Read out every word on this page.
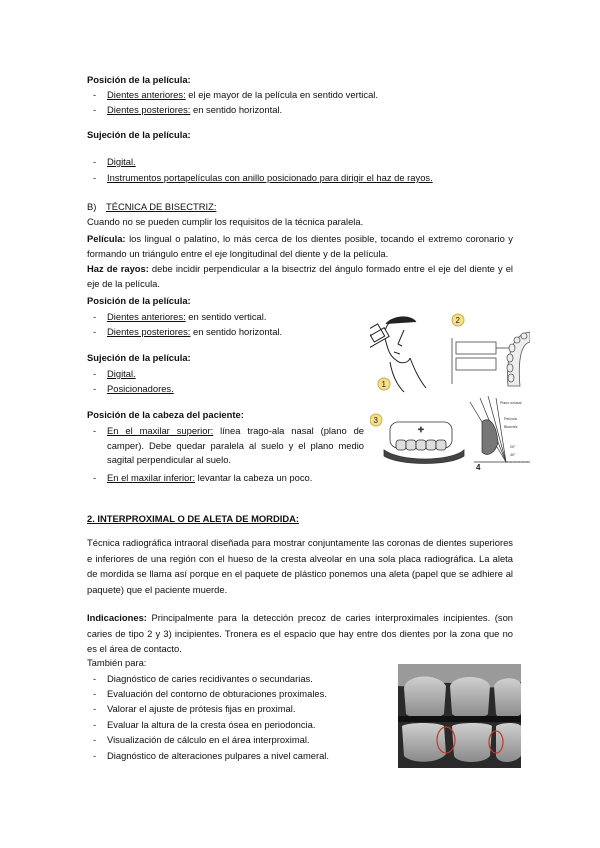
Posición de la película:
- Dientes anteriores: el eje mayor de la película en sentido vertical.
- Dientes posteriores: en sentido horizontal.
Sujeción de la película:
- Digital.
- Instrumentos portapelículas con anillo posicionado para dirigir el haz de rayos.
B) TÉCNICA DE BISECTRIZ:
Cuando no se pueden cumplir los requisitos de la técnica paralela.
Película: los lingual o palatino, lo más cerca de los dientes posible, tocando el extremo coronario y formando un triángulo entre el eje longitudinal del diente y de la película.
Haz de rayos: debe incidir perpendicular a la bisectriz del ángulo formado entre el eje del diente y el eje de la película.
Posición de la película:
- Dientes anteriores: en sentido vertical.
- Dientes posteriores: en sentido horizontal.
Sujeción de la película:
- Digital.
- Posicionadores.
Posición de la cabeza del paciente:
- En el maxilar superior: línea trago-ala nasal (plano de camper). Debe quedar paralela al suelo y el plano medio sagital perpendicular al suelo.
- En el maxilar inferior: levantar la cabeza un poco.
1
2
3
+
Plano oclusal
Película
Bisectriz
20°
40°
4
2. INTERPROXIMAL O DE ALETA DE MORDIDA:
Técnica radiográfica intraoral diseñada para mostrar conjuntamente las coronas de dientes superiores e inferiores de una región con el hueso de la cresta alveolar en una sola placa radiográfica. La aleta de mordida se llama así porque en el paquete de plástico ponemos una aleta (papel que se adhiere al paquete) que el paciente muerde.
Indicaciones: Principalmente para la detección precoz de caries interproximales incipientes. (son caries de tipo 2 y 3) incipientes. Tronera es el espacio que hay entre dos dientes por la zona que no es el área de contacto.
También para:
- Diagnóstico de caries recidivantes o secundarias.
- Evaluación del contorno de obturaciones proximales.
- Valorar el ajuste de prótesis fijas en proximal.
- Evaluar la altura de la cresta ósea en periodoncia.
- Visualización de cálculo en el área interproximal.
- Diagnóstico de alteraciones pulpares a nivel cameral.
